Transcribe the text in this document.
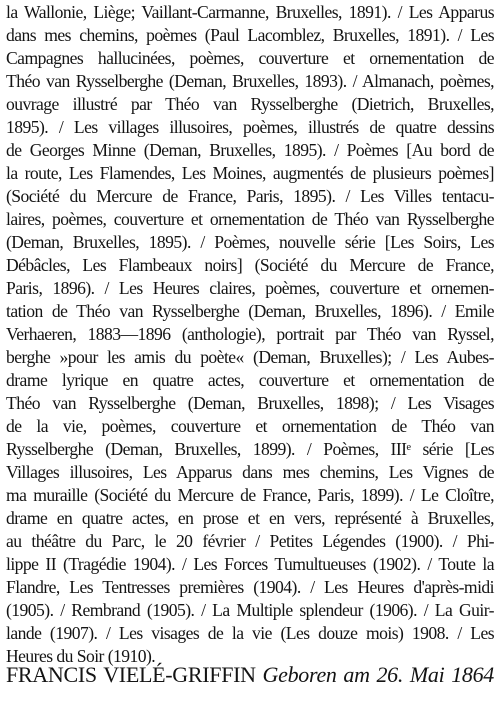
la Wallonie, Liège; Vaillant-Carmanne, Bruxelles, 1891). / Les Apparus
dans mes chemins, poèmes (Paul Lacomblez, Bruxelles, 1891). / Les
Campagnes hallucinées, poèmes, couverture et ornementation de
Théo van Rysselberghe (Deman, Bruxelles, 1893). / Almanach, poèmes,
ouvrage illustré par Théo van Rysselberghe (Dietrich, Bruxelles,
1895). / Les villages illusoires, poèmes, illustrés de quatre dessins
de Georges Minne (Deman, Bruxelles, 1895). / Poèmes [Au bord de
la route, Les Flamendes, Les Moines, augmentés de plusieurs poèmes]
(Société du Mercure de France, Paris, 1895). / Les Villes tentacu-
laires, poèmes, couverture et ornementation de Théo van Rysselberghe
(Deman, Bruxelles, 1895). / Poèmes, nouvelle série [Les Soirs, Les
Débâcles, Les Flambeaux noirs] (Société du Mercure de France,
Paris, 1896). / Les Heures claires, poèmes, couverture et ornemen-
tation de Théo van Rysselberghe (Deman, Bruxelles, 1896). / Emile
Verhaeren, 1883—1896 (anthologie), portrait par Théo van Ryssel,
berghe »pour les amis du poète« (Deman, Bruxelles); / Les Aubes-
drame lyrique en quatre actes, couverture et ornementation de
Théo van Rysselberghe (Deman, Bruxelles, 1898); / Les Visages
de la vie, poèmes, couverture et ornementation de Théo van
Rysselberghe (Deman, Bruxelles, 1899). / Poèmes, IIIᵉ série [Les
Villages illusoires, Les Apparus dans mes chemins, Les Vignes de
ma muraille (Société du Mercure de France, Paris, 1899). / Le Cloître,
drame en quatre actes, en prose et en vers, représenté à Bruxelles,
au théâtre du Parc, le 20 février / Petites Légendes (1900). / Phi-
lippe II (Tragédie 1904). / Les Forces Tumultueuses (1902). / Toute la
Flandre, Les Tentresses premières (1904). / Les Heures d'après-midi
(1905). / Rembrand (1905). / La Multiple splendeur (1906). / La Guir-
lande (1907). / Les visages de la vie (Les douze mois) 1908. / Les
Heures du Soir (1910).
FRANCIS VIELÉ-GRIFFIN Geboren am 26. Mai 1864
